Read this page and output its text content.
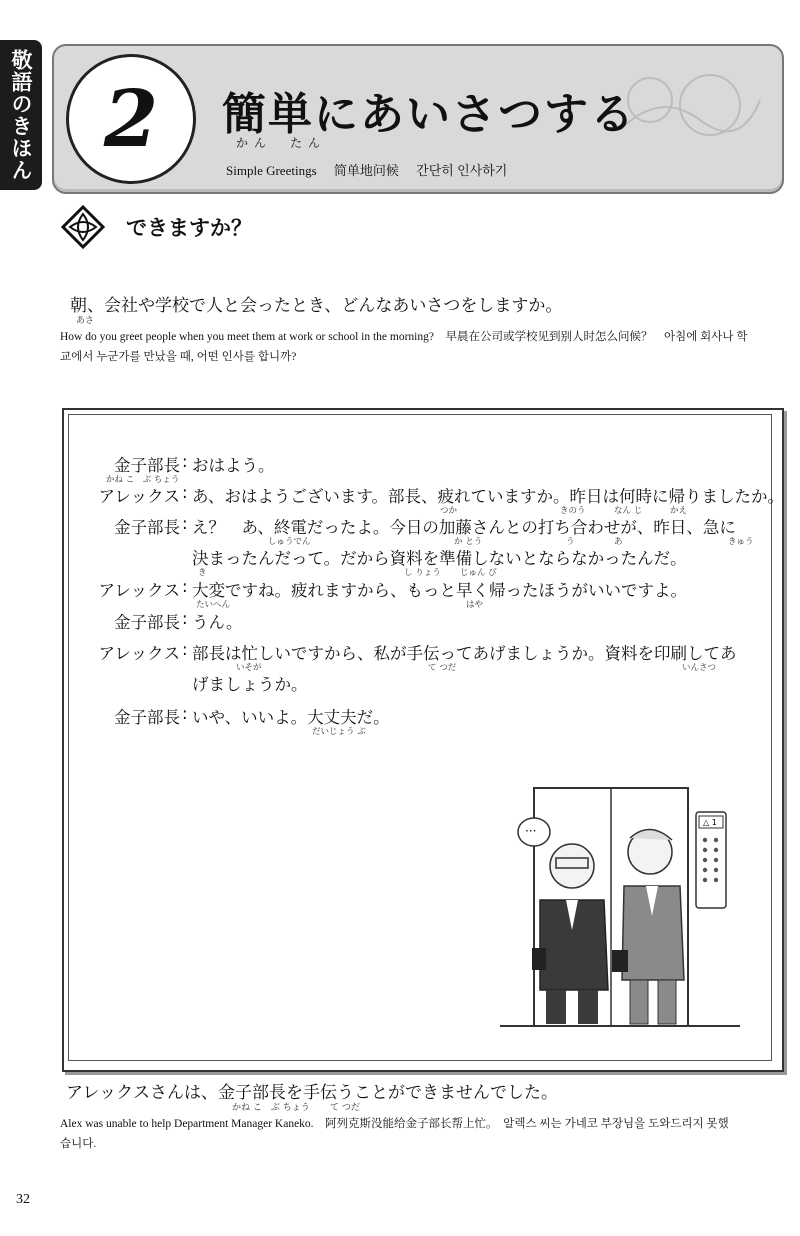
敬語のきほん 2	簡単にあいさつする
かん たん
Simple Greetings 简单地问候 간단히 인사하기
できますか？
朝、会社や学校で人と会ったとき、どんなあいさつをしますか。
あさ
How do you greet people when you meet them at work or school in the morning?　早晨在公司或学校见到别人时怎么问候？　아침에 회사나 학
교에서 누군가를 만났을 때, 어떤 인사를 합니까?
金子部長 : おはよう。
かね こ　ぶ ちょう
アレックス : あ、おはようございます。部長、疲れていますか。昨日は何時に帰りましたか。
つか	きのう	なん じ	かえ
金子部長 : え？　あ、終電だったよ。今日の加藤さんとの打ち合わせが、昨日、急に
しゅうでん	か とう	う	あ	きゅう
決まったんだって。だから資料を準備しないとならなかったんだ。
き	し りょう じゅん び
アレックス : 大変ですね。疲れますから、もっと早く帰ったほうがいいですよ。
たいへん	はや
金子部長 : うん。
アレックス : 部長は忙しいですから、私が手伝ってあげましょうか。資料を印刷してあ
いそが	て つだ	いんさつ
げましょうか。
金子部長 : いや、いいよ。大丈夫だ。
だいじょう ぶ
△ 1
···
アレックスさんは、金子部長を手伝うことができませんでした。
かね こ　ぶ ちょう て つだ
Alex was unable to help Department Manager Kaneko.　阿列克斯没能给金子部长帮上忙。　알렉스 씨는 가네코 부장님을 도와드리지 못했
습니다.
32
